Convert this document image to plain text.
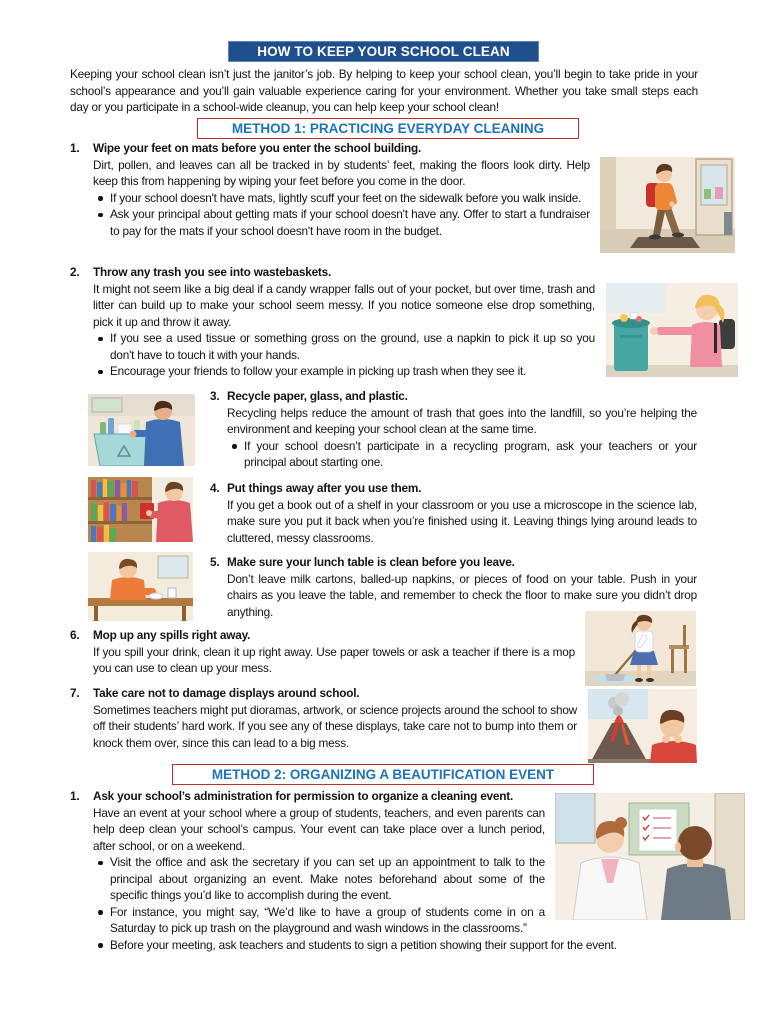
HOW TO KEEP YOUR SCHOOL CLEAN

Keeping your school clean isn’t just the janitor’s job. By helping to keep your school clean, you’ll begin to take pride in your school’s appearance and you’ll gain valuable experience caring for your environment. Whether you take small steps each day or you participate in a school-wide cleanup, you can help keep your school clean!

METHOD 1: PRACTICING EVERYDAY CLEANING
1. Wipe your feet on mats before you enter the school building.

Dirt, pollen, and leaves can all be tracked in by students’ feet, making the floors look dirty. Help keep this from happening by wiping your feet before you come in the door.

If your school doesn't have mats, lightly scuff your feet on the sidewalk before you walk inside.
Ask your principal about getting mats if your school doesn't have any. Offer to start a fundraiser to pay for the mats if your school doesn't have room in the budget.
2. Throw any trash you see into wastebaskets.

It might not seem like a big deal if a candy wrapper falls out of your pocket, but over time, trash and litter can build up to make your school seem messy. If you notice someone else drop something, pick it up and throw it away.

If you see a used tissue or something gross on the ground, use a napkin to pick it up so you don't have to touch it with your hands.
Encourage your friends to follow your example in picking up trash when they see it.
3. Recycle paper, glass, and plastic.

Recycling helps reduce the amount of trash that goes into the landfill, so you’re helping the environment and keeping your school clean at the same time.

If your school doesn’t participate in a recycling program, ask your teachers or your principal about starting one.
4. Put things away after you use them.

If you get a book out of a shelf in your classroom or you use a microscope in the science lab, make sure you put it back when you’re finished using it. Leaving things lying around leads to cluttered, messy classrooms.

5. Make sure your lunch table is clean before you leave.

Don’t leave milk cartons, balled-up napkins, or pieces of food on your table. Push in your chairs as you leave the table, and remember to check the floor to make sure you didn’t drop anything.

6. Mop up any spills right away.

If you spill your drink, clean it up right away. Use paper towels or ask a teacher if there is a mop you can use to clean up your mess.

7. Take care not to damage displays around school.

Sometimes teachers might put dioramas, artwork, or science projects around the school to show off their students’ hard work. If you see any of these displays, take care not to bump into them or knock them over, since this can lead to a big mess.

METHOD 2: ORGANIZING A BEAUTIFICATION EVENT
1. Ask your school’s administration for permission to organize a cleaning event.

Have an event at your school where a group of students, teachers, and even parents can help deep clean your school’s campus. Your event can take place over a lunch period, after school, or on a weekend.

Visit the office and ask the secretary if you can set up an appointment to talk to the principal about organizing an event. Make notes beforehand about some of the specific things you’d like to accomplish during the event.
For instance, you might say, “We’d like to have a group of students come in on a Saturday to pick up trash on the playground and wash windows in the classrooms.”
Before your meeting, ask teachers and students to sign a petition showing their support for the event.
